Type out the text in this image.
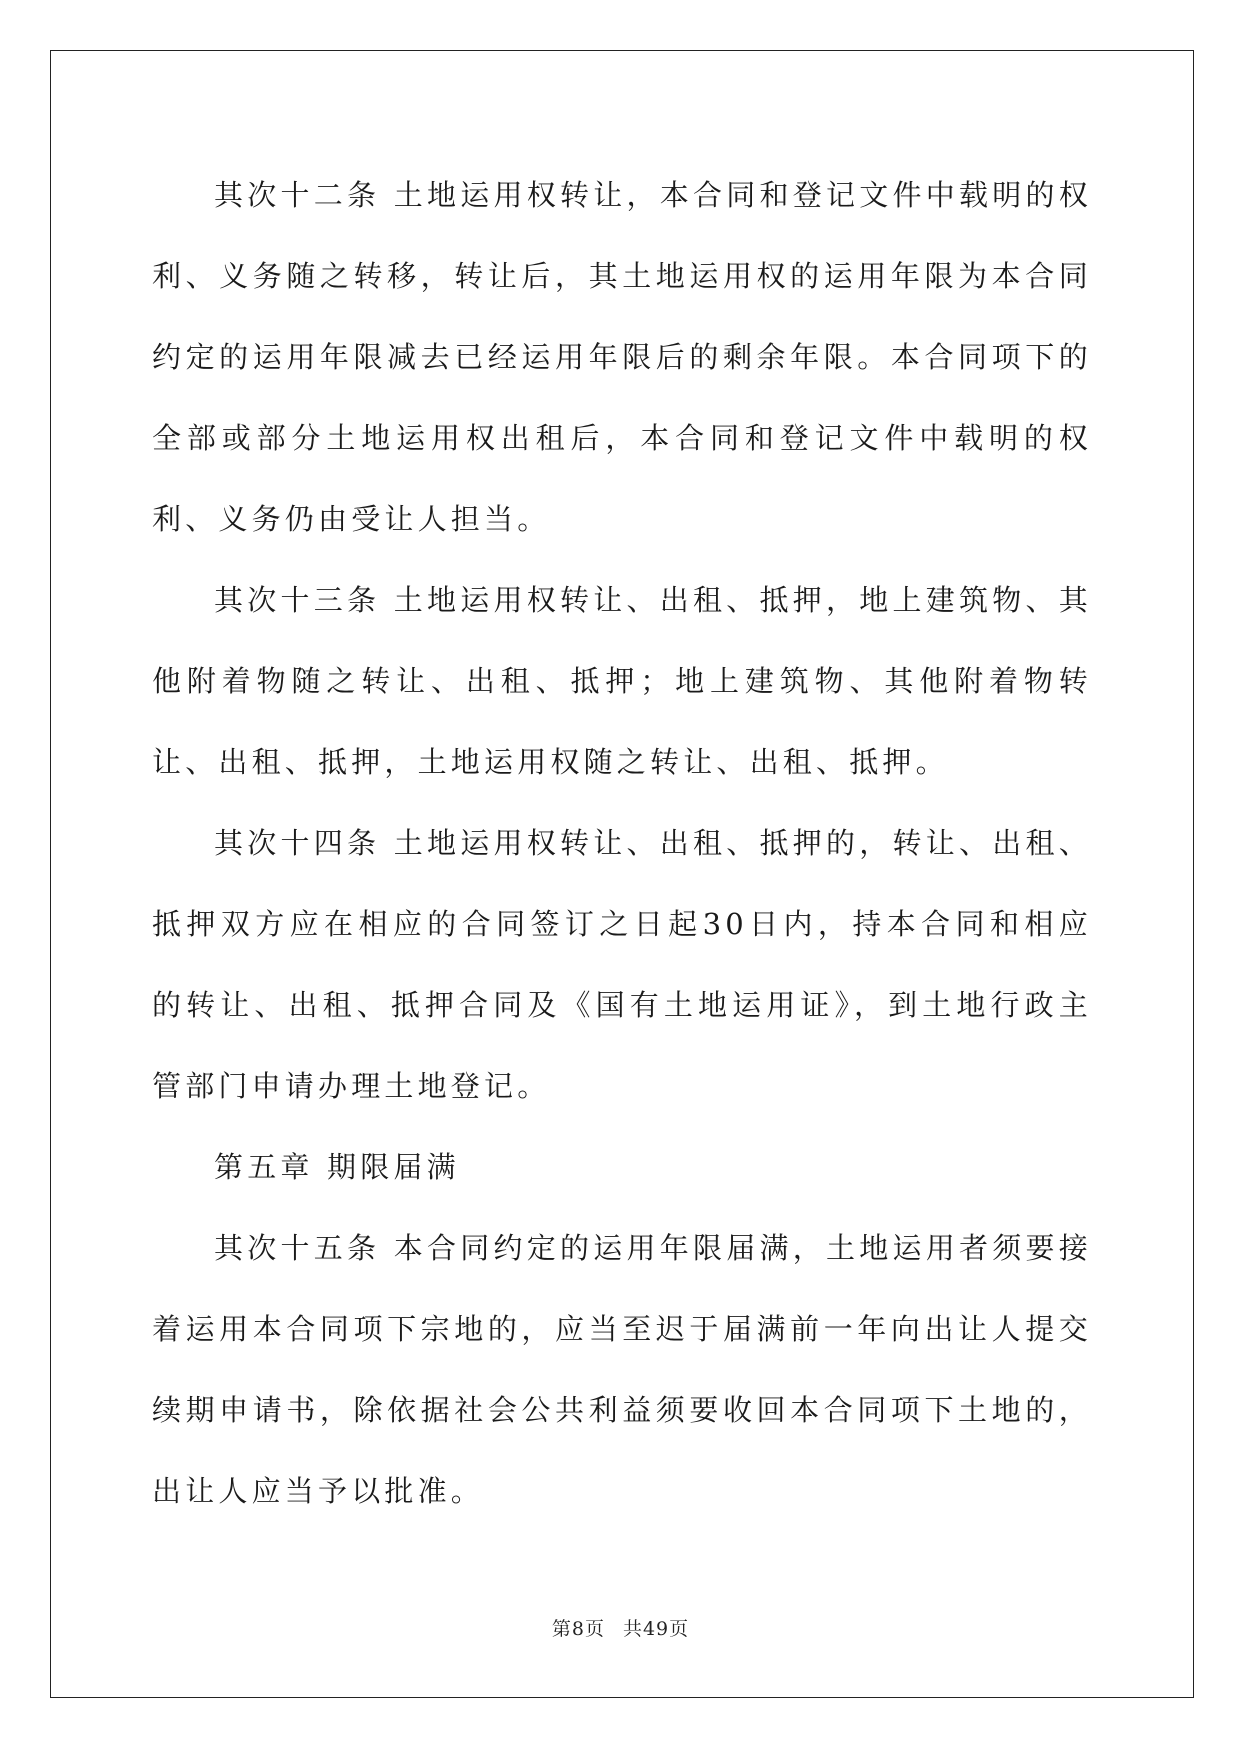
其次十二条 土地运用权转让，本合同和登记文件中载明的权利、义务随之转移，转让后，其土地运用权的运用年限为本合同约定的运用年限减去已经运用年限后的剩余年限。本合同项下的全部或部分土地运用权出租后，本合同和登记文件中载明的权利、义务仍由受让人担当。

其次十三条 土地运用权转让、出租、抵押，地上建筑物、其他附着物随之转让、出租、抵押；地上建筑物、其他附着物转让、出租、抵押，土地运用权随之转让、出租、抵押。

其次十四条 土地运用权转让、出租、抵押的，转让、出租、抵押双方应在相应的合同签订之日起30日内，持本合同和相应的转让、出租、抵押合同及《国有土地运用证》，到土地行政主管部门申请办理土地登记。

第五章 期限届满

其次十五条 本合同约定的运用年限届满，土地运用者须要接着运用本合同项下宗地的，应当至迟于届满前一年向出让人提交续期申请书，除依据社会公共利益须要收回本合同项下土地的，出让人应当予以批准。

第8页 共49页
